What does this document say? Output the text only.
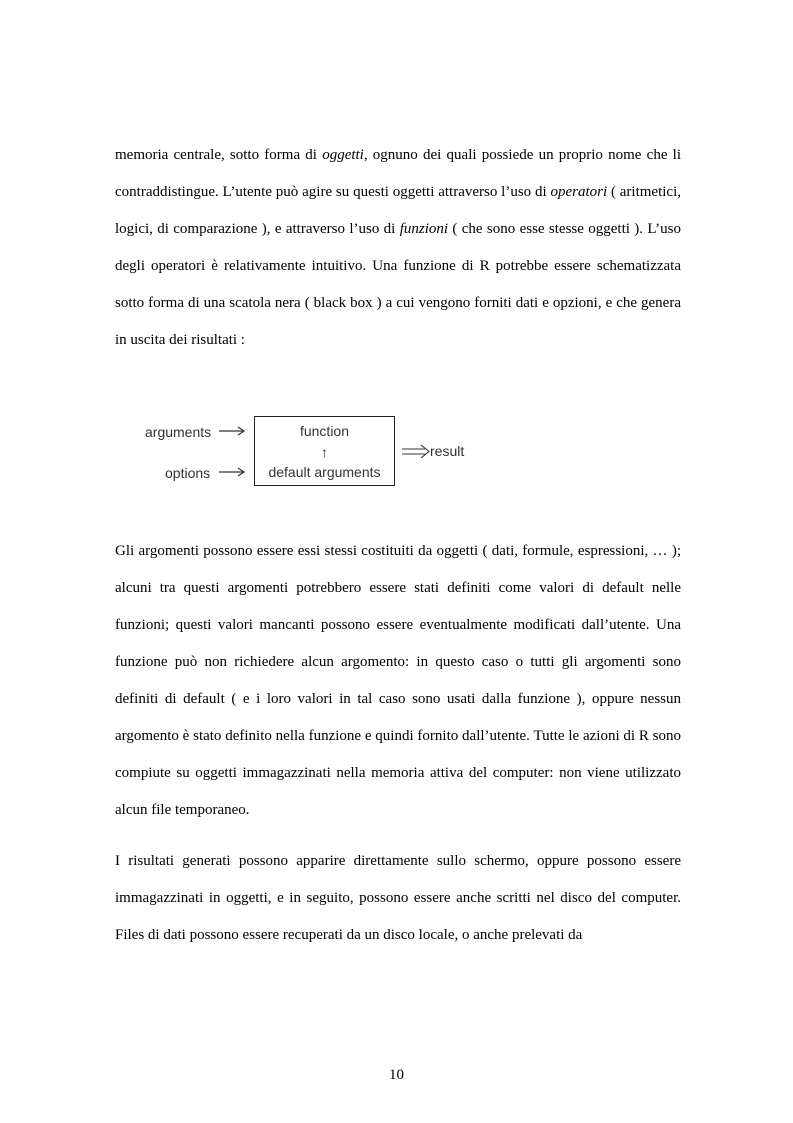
memoria centrale, sotto forma di oggetti, ognuno dei quali possiede un proprio nome che li contraddistingue. L’utente può agire su questi oggetti attraverso l’uso di operatori ( aritmetici, logici, di comparazione ), e attraverso l’uso di funzioni ( che sono esse stesse oggetti ). L’uso degli operatori è relativamente intuitivo. Una funzione di R potrebbe essere schematizzata sotto forma di una scatola nera ( black box ) a cui vengono forniti dati e opzioni, e che genera in uscita dei risultati :

arguments
options
function
↑
default arguments
result

Gli argomenti possono essere essi stessi costituiti da oggetti ( dati, formule, espressioni, … ); alcuni tra questi argomenti potrebbero essere stati definiti come valori di default nelle funzioni; questi valori mancanti possono essere eventualmente modificati dall’utente. Una funzione può non richiedere alcun argomento: in questo caso o tutti gli argomenti sono definiti di default ( e i loro valori in tal caso sono usati dalla funzione ), oppure nessun argomento è stato definito nella funzione e quindi fornito dall’utente. Tutte le azioni di R sono compiute su oggetti immagazzinati nella memoria attiva del computer: non viene utilizzato alcun file temporaneo.

I risultati generati possono apparire direttamente sullo schermo, oppure possono essere immagazzinati in oggetti, e in seguito, possono essere anche scritti nel disco del computer. Files di dati possono essere recuperati da un disco locale, o anche prelevati da

10
